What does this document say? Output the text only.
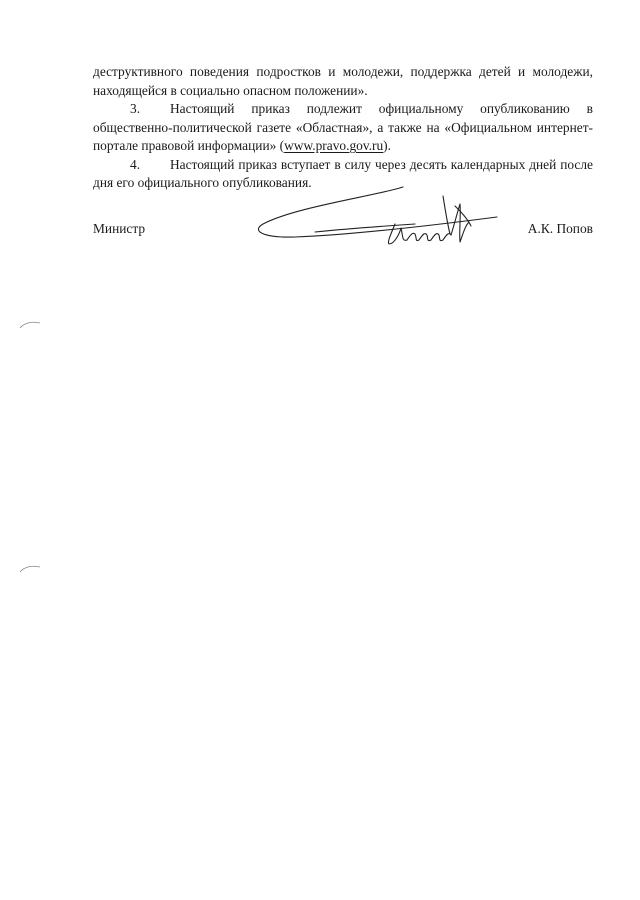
деструктивного поведения подростков и молодежи, поддержка детей и молодежи, находящейся в социально опасном положении».

3. Настоящий приказ подлежит официальному опубликованию в общественно-политической газете «Областная», а также на «Официальном интернет-портале правовой информации» (www.pravo.gov.ru).

4. Настоящий приказ вступает в силу через десять календарных дней после дня его официального опубликования.

Министр	А.К. Попов
